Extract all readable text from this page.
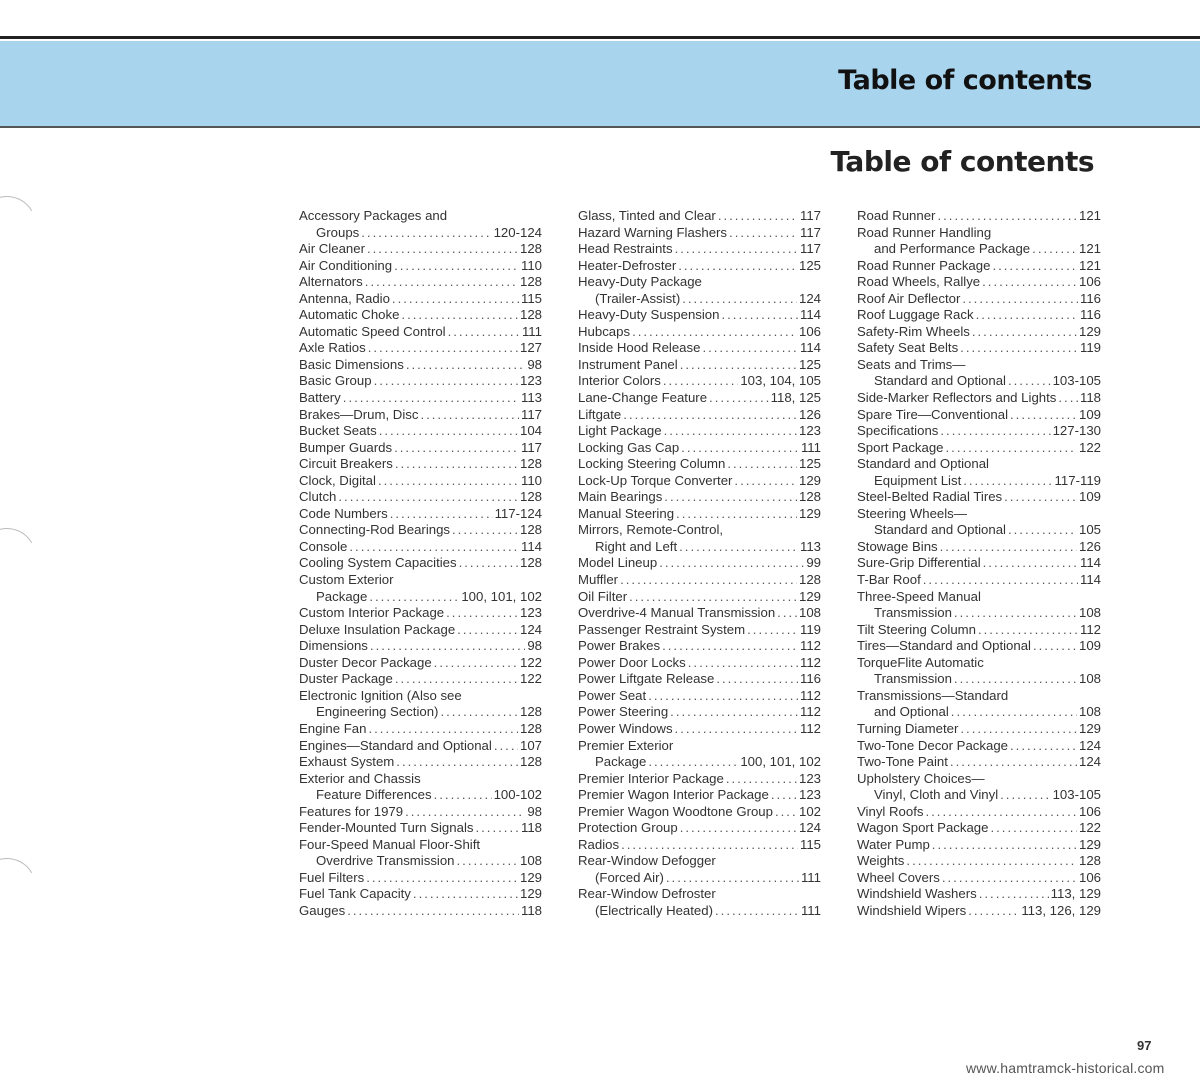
Table of contents
Table of contents
Accessory Packages and
Groups .....	120-124
Air Cleaner .....	128
Air Conditioning .....	110
Alternators .....	128
Antenna, Radio .....	115
Automatic Choke .....	128
Automatic Speed Control .....	111
Axle Ratios .....	127
Basic Dimensions .....	98
Basic Group .....	123
Battery .....	113
Brakes—Drum, Disc .....	117
Bucket Seats .....	104
Bumper Guards .....	117
Circuit Breakers .....	128
Clock, Digital .....	110
Clutch .....	128
Code Numbers .....	117-124
Connecting-Rod Bearings .....	128
Console .....	114
Cooling System Capacities .....	128
Custom Exterior
Package .....	100, 101, 102
Custom Interior Package .....	123
Deluxe Insulation Package .....	124
Dimensions .....	98
Duster Decor Package .....	122
Duster Package .....	122
Electronic Ignition (Also see
Engineering Section) .....	128
Engine Fan .....	128
Engines—Standard and Optional ..... 107
Exhaust System .....	128
Exterior and Chassis
Feature Differences .....	100-102
Features for 1979 .....	98
Fender-Mounted Turn Signals .....	118
Four-Speed Manual Floor-Shift
Overdrive Transmission .....	108
Fuel Filters .....	129
Fuel Tank Capacity .....	129
Gauges .....	118
Glass, Tinted and Clear .....	117
Hazard Warning Flashers .....	117
Head Restraints .....	117
Heater-Defroster .....	125
Heavy-Duty Package
(Trailer-Assist) .....	124
Heavy-Duty Suspension .....	114
Hubcaps .....	106
Inside Hood Release .....	114
Instrument Panel .....	125
Interior Colors .....	103, 104, 105
Lane-Change Feature .....	118, 125
Liftgate .....	126
Light Package .....	123
Locking Gas Cap .....	111
Locking Steering Column .....	125
Lock-Up Torque Converter .....	129
Main Bearings .....	128
Manual Steering .....	129
Mirrors, Remote-Control,
Right and Left .....	113
Model Lineup .....	99
Muffler .....	128
Oil Filter .....	129
Overdrive-4 Manual Transmission ..... 108
Passenger Restraint System .....	119
Power Brakes .....	112
Power Door Locks .....	112
Power Liftgate Release .....	116
Power Seat .....	112
Power Steering .....	112
Power Windows .....	112
Premier Exterior
Package .....	100, 101, 102
Premier Interior Package .....	123
Premier Wagon Interior Package ..... 123
Premier Wagon Woodtone Group ..... 102
Protection Group .....	124
Radios .....	115
Rear-Window Defogger
(Forced Air) .....	111
Rear-Window Defroster
(Electrically Heated) .....	111
Road Runner .....	121
Road Runner Handling
and Performance Package .....	121
Road Runner Package .....	121
Road Wheels, Rallye .....	106
Roof Air Deflector .....	116
Roof Luggage Rack .....	116
Safety-Rim Wheels .....	129
Safety Seat Belts .....	119
Seats and Trims—
Standard and Optional .....	103-105
Side-Marker Reflectors and Lights ..... 118
Spare Tire—Conventional .....	109
Specifications .....	127-130
Sport Package .....	122
Standard and Optional
Equipment List .....	117-119
Steel-Belted Radial Tires .....	109
Steering Wheels—
Standard and Optional .....	105
Stowage Bins .....	126
Sure-Grip Differential .....	114
T-Bar Roof .....	114
Three-Speed Manual
Transmission .....	108
Tilt Steering Column .....	112
Tires—Standard and Optional .....	109
TorqueFlite Automatic
Transmission .....	108
Transmissions—Standard
and Optional .....	108
Turning Diameter .....	129
Two-Tone Decor Package .....	124
Two-Tone Paint .....	124
Upholstery Choices—
Vinyl, Cloth and Vinyl .....	103-105
Vinyl Roofs .....	106
Wagon Sport Package .....	122
Water Pump .....	129
Weights .....	128
Wheel Covers .....	106
Windshield Washers .....	113, 129
Windshield Wipers .....	113, 126, 129
97
www.hamtramck-historical.com
